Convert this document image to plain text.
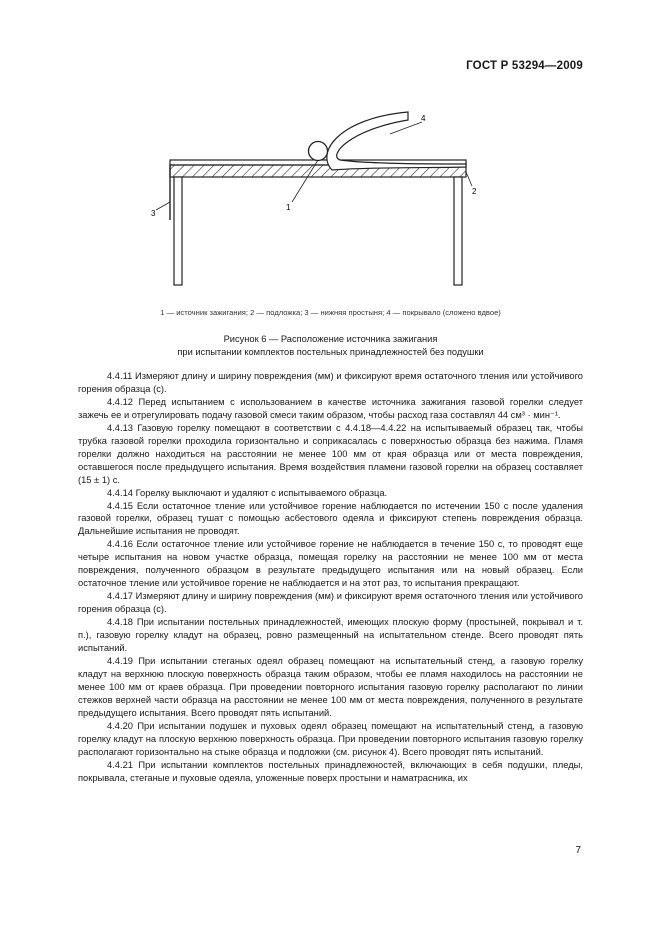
ГОСТ Р 53294—2009
1
2
3
4
1 — источник зажигания; 2 — подложка; 3 — нижняя простыня; 4 — покрывало (сложено вдвое)
Рисунок 6 — Расположение источника зажигания
при испытании комплектов постельных принадлежностей без подушки

4.4.11 Измеряют длину и ширину повреждения (мм) и фиксируют время остаточного тления или устойчивого горения образца (с).

4.4.12 Перед испытанием с использованием в качестве источника зажигания газовой горелки следует зажечь ее и отрегулировать подачу газовой смеси таким образом, чтобы расход газа составлял 44 см³ · мин⁻¹.

4.4.13 Газовую горелку помещают в соответствии с 4.4.18—4.4.22 на испытываемый образец так, чтобы трубка газовой горелки проходила горизонтально и соприкасалась с поверхностью образца без нажима. Пламя горелки должно находиться на расстоянии не менее 100 мм от края образца или от места повреждения, оставшегося после предыдущего испытания. Время воздействия пламени газовой горелки на образец составляет (15 ± 1) с.

4.4.14 Горелку выключают и удаляют с испытываемого образца.

4.4.15 Если остаточное тление или устойчивое горение наблюдается по истечении 150 с после удаления газовой горелки, образец тушат с помощью асбестового одеяла и фиксируют степень повреждения образца. Дальнейшие испытания не проводят.

4.4.16 Если остаточное тление или устойчивое горение не наблюдается в течение 150 с, то проводят еще четыре испытания на новом участке образца, помещая горелку на расстоянии не менее 100 мм от места повреждения, полученного образцом в результате предыдущего испытания или на новый образец. Если остаточное тление или устойчивое горение не наблюдается и на этот раз, то испытания прекращают.

4.4.17 Измеряют длину и ширину повреждения (мм) и фиксируют время остаточного тления или устойчивого горения образца (с).

4.4.18 При испытании постельных принадлежностей, имеющих плоскую форму (простыней, покрывал и т. п.), газовую горелку кладут на образец, ровно размещенный на испытательном стенде. Всего проводят пять испытаний.

4.4.19 При испытании стеганых одеял образец помещают на испытательный стенд, а газовую горелку кладут на верхнюю плоскую поверхность образца таким образом, чтобы ее пламя находилось на расстоянии не менее 100 мм от краев образца. При проведении повторного испытания газовую горелку располагают по линии стежков верхней части образца на расстоянии не менее 100 мм от места повреждения, полученного в результате предыдущего испытания. Всего проводят пять испытаний.

4.4.20 При испытании подушек и пуховых одеял образец помещают на испытательный стенд, а газовую горелку кладут на плоскую верхнюю поверхность образца. При проведении повторного испытания газовую горелку располагают горизонтально на стыке образца и подложки (см. рисунок 4). Всего проводят пять испытаний.

4.4.21 При испытании комплектов постельных принадлежностей, включающих в себя подушки, пледы, покрывала, стеганые и пуховые одеяла, уложенные поверх простыни и наматрасника, их

7
